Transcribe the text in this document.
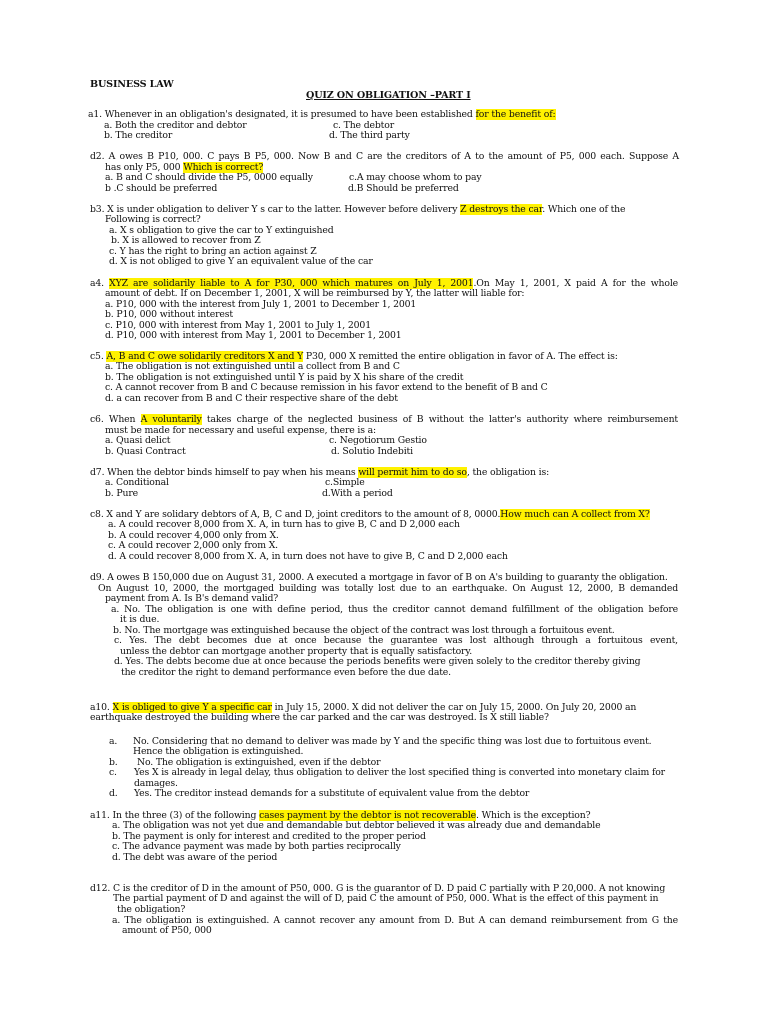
BUSINESS LAW
QUIZ ON OBLIGATION –PART I
a1. Whenever in an obligation's designated, it is presumed to have been established for the benefit of:
a. Both the creditor and debtor	c. The debtor
b. The creditor	d. The third party
d2. A owes B P10, 000. C pays B P5, 000. Now B and C are the creditors of A to the amount of P5, 000 each. Suppose A
has only P5, 000 Which is correct?
a. B and C should divide the P5, 0000 equally	c.A may choose whom to pay
b .C should be preferred	d.B Should be preferred
b3. X is under obligation to deliver Y s car to the latter. However before delivery Z destroys the car. Which one of the
Following is correct?
a. X s obligation to give the car to Y extinguished
b. X is allowed to recover from Z
c. Y has the right to bring an action against Z
d. X is not obliged to give Y an equivalent value of the car
a4. XYZ are solidarily liable to A for P30, 000 which matures on July 1, 2001.On May 1, 2001, X paid A for the whole
amount of debt. If on December 1, 2001, X will be reimbursed by Y, the latter will liable for:
a. P10, 000 with the interest from July 1, 2001 to December 1, 2001
b. P10, 000 without interest
c. P10, 000 with interest from May 1, 2001 to July 1, 2001
d. P10, 000 with interest from May 1, 2001 to December 1, 2001
c5. A, B and C owe solidarily creditors X and Y P30, 000 X remitted the entire obligation in favor of A. The effect is:
a. The obligation is not extinguished until a collect from B and C
b. The obligation is not extinguished until Y is paid by X his share of the credit
c. A cannot recover from B and C because remission in his favor extend to the benefit of B and C
d. a can recover from B and C their respective share of the debt
c6. When A voluntarily takes charge of the neglected business of B without the latter's authority where reimbursement
must be made for necessary and useful expense, there is a:
a. Quasi delict	c. Negotiorum Gestio
b. Quasi Contract	d. Solutio Indebiti
d7. When the debtor binds himself to pay when his means will permit him to do so, the obligation is:
a. Conditional	c.Simple
b. Pure	d.With a period
c8. X and Y are solidary debtors of A, B, C and D, joint creditors to the amount of 8, 0000.How much can A collect from X?
a. A could recover 8,000 from X. A, in turn has to give B, C and D 2,000 each
b. A could recover 4,000 only from X.
c. A could recover 2,000 only from X.
d. A could recover 8,000 from X. A, in turn does not have to give B, C and D 2,000 each
d9. A owes B 150,000 due on August 31, 2000. A executed a mortgage in favor of B on A's building to guaranty the obligation.
On August 10, 2000, the mortgaged building was totally lost due to an earthquake. On August 12, 2000, B demanded
payment from A. Is B's demand valid?
a. No. The obligation is one with define period, thus the creditor cannot demand fulfillment of the obligation before
it is due.
b. No. The mortgage was extinguished because the object of the contract was lost through a fortuitous event.
c. Yes. The debt becomes due at once because the guarantee was lost although through a fortuitous event,
unless the debtor can mortgage another property that is equally satisfactory.
d. Yes. The debts become due at once because the periods benefits were given solely to the creditor thereby giving
the creditor the right to demand performance even before the due date.
a10. X is obliged to give Y a specific car in July 15, 2000. X did not deliver the car on July 15, 2000. On July 20, 2000 an
earthquake destroyed the building where the car parked and the car was destroyed. Is X still liable?
a. No. Considering that no demand to deliver was made by Y and the specific thing was lost due to fortuitous event.
Hence the obligation is extinguished.
b. No. The obligation is extinguished, even if the debtor
c. Yes X is already in legal delay, thus obligation to deliver the lost specified thing is converted into monetary claim for
damages.
d. Yes. The creditor instead demands for a substitute of equivalent value from the debtor
a11. In the three (3) of the following cases payment by the debtor is not recoverable. Which is the exception?
a. The obligation was not yet due and demandable but debtor believed it was already due and demandable
b. The payment is only for interest and credited to the proper period
c. The advance payment was made by both parties reciprocally
d. The debt was aware of the period
d12. C is the creditor of D in the amount of P50, 000. G is the guarantor of D. D paid C partially with P 20,000. A not knowing
The partial payment of D and against the will of D, paid C the amount of P50, 000. What is the effect of this payment in
the obligation?
a. The obligation is extinguished. A cannot recover any amount from D. But A can demand reimbursement from G the
amount of P50, 000
